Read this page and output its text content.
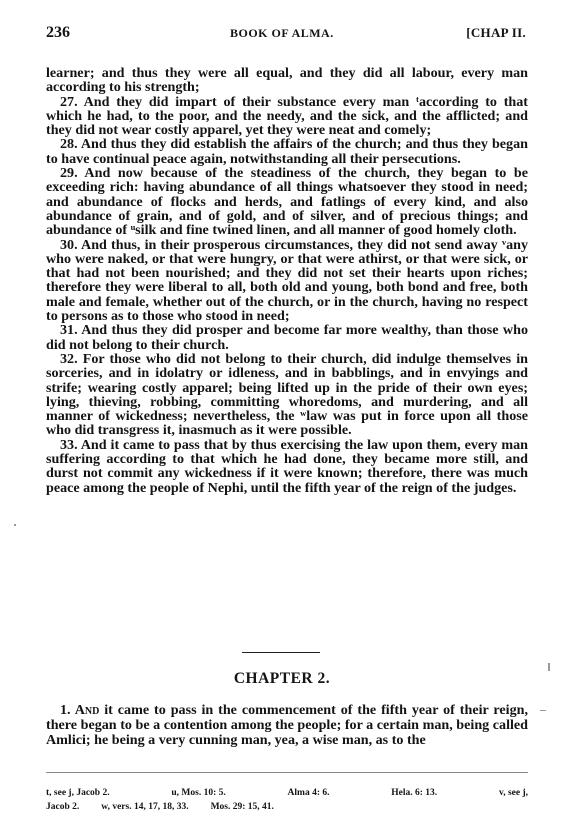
236	BOOK OF ALMA.	[CHAP II.

learner; and thus they were all equal, and they did all labour, every man according to his strength;

27. And they did impart of their substance every man ᵗaccording to that which he had, to the poor, and the needy, and the sick, and the afflicted; and they did not wear costly apparel, yet they were neat and comely;

28. And thus they did establish the affairs of the church; and thus they began to have continual peace again, notwithstanding all their persecutions.

29. And now because of the steadiness of the church, they began to be exceeding rich: having abundance of all things whatsoever they stood in need; and abundance of flocks and herds, and fatlings of every kind, and also abundance of grain, and of gold, and of silver, and of precious things; and abundance of ᵘsilk and fine twined linen, and all manner of good homely cloth.

30. And thus, in their prosperous circumstances, they did not send away ᵛany who were naked, or that were hungry, or that were athirst, or that were sick, or that had not been nourished; and they did not set their hearts upon riches; therefore they were liberal to all, both old and young, both bond and free, both male and female, whether out of the church, or in the church, having no respect to persons as to those who stood in need;

31. And thus they did prosper and become far more wealthy, than those who did not belong to their church.

32. For those who did not belong to their church, did indulge themselves in sorceries, and in idolatry or idleness, and in babblings, and in envyings and strife; wearing costly apparel; being lifted up in the pride of their own eyes; lying, thieving, robbing, committing whoredoms, and murdering, and all manner of wickedness; nevertheless, the ʷlaw was put in force upon all those who did transgress it, inasmuch as it were possible.

33. And it came to pass that by thus exercising the law upon them, every man suffering according to that which he had done, they became more still, and durst not commit any wickedness if it were known; therefore, there was much peace among the people of Nephi, until the fifth year of the reign of the judges.

CHAPTER 2.

1. And it came to pass in the commencement of the fifth year of their reign, there began to be a contention among the people; for a certain man, being called Amlici; he being a very cunning man, yea, a wise man, as to the

t, see j, Jacob 2.	u, Mos. 10: 5.	Alma 4: 6.	Hela. 6: 13.	v, see j,
Jacob 2. w, vers. 14, 17, 18, 33. Mos. 29: 15, 41.
